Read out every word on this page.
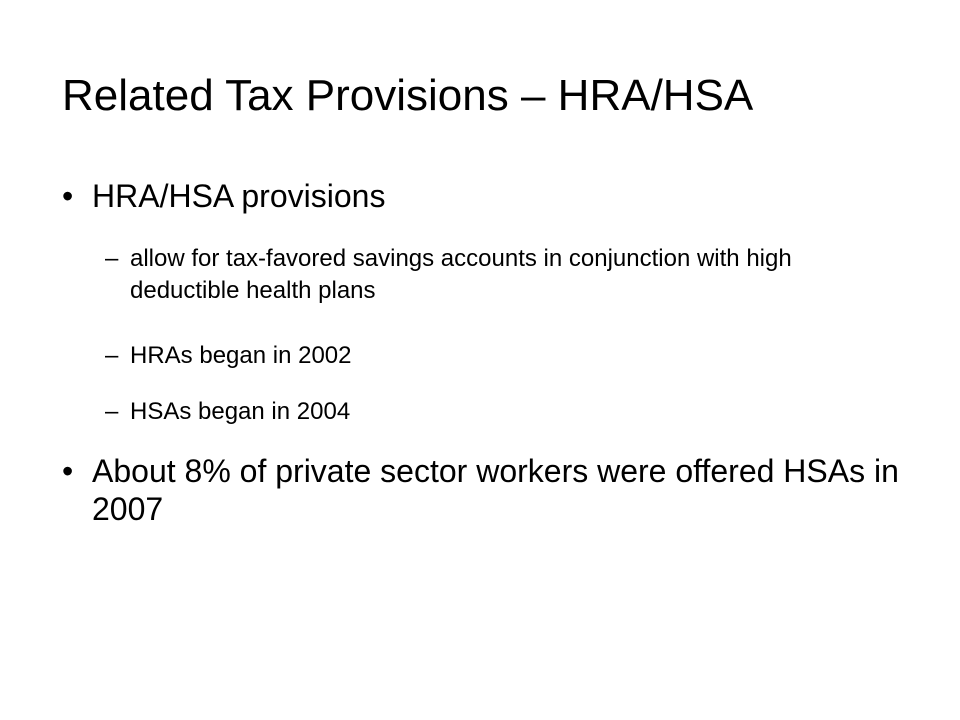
Related Tax Provisions – HRA/HSA
• HRA/HSA provisions
– allow for tax-favored savings accounts in conjunction with high deductible health plans
– HRAs began in 2002
– HSAs began in 2004
• About 8% of private sector workers were offered HSAs in 2007
